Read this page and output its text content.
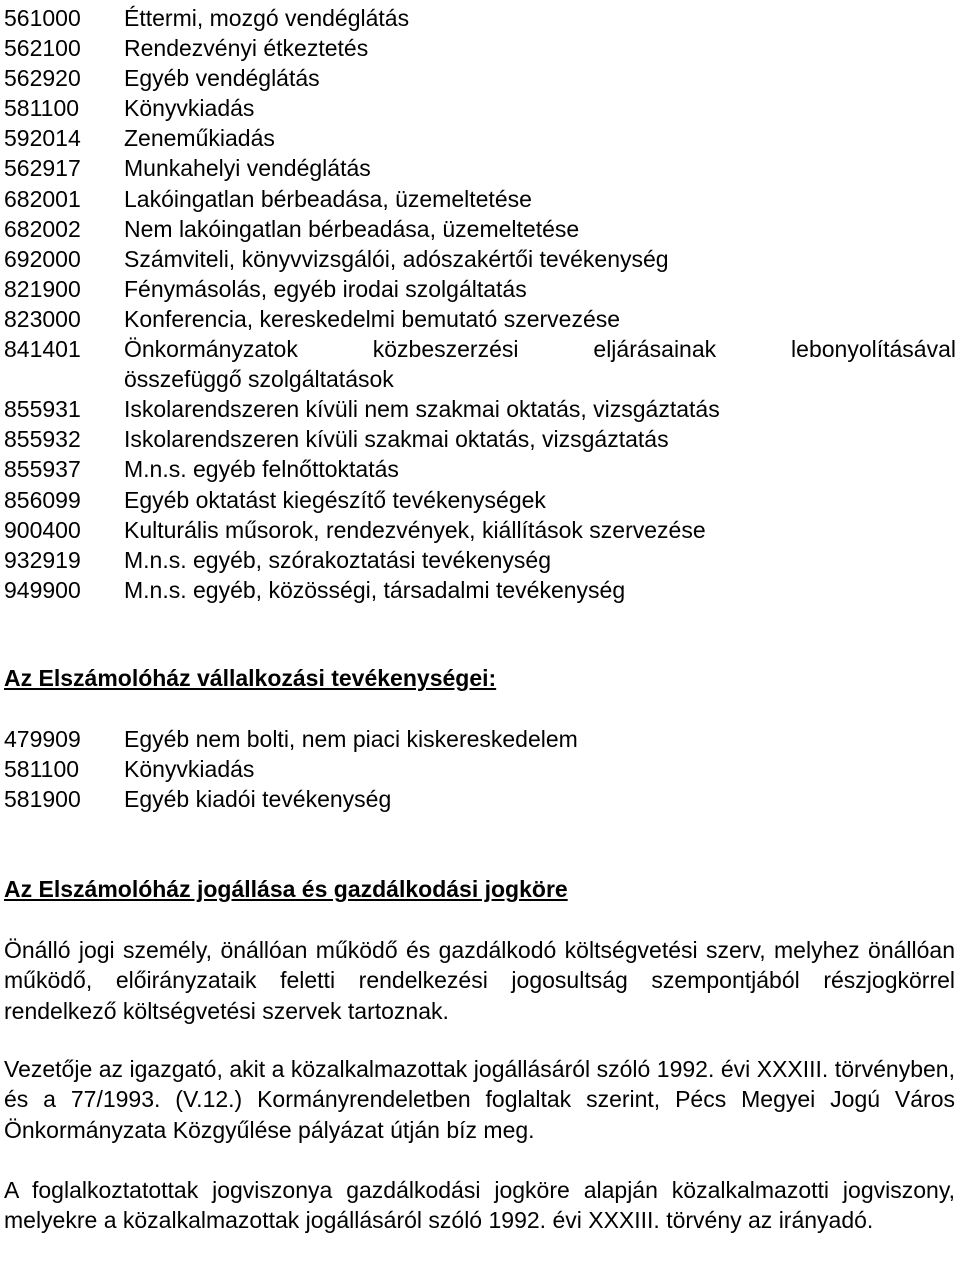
561000	Éttermi, mozgó vendéglátás
562100	Rendezvényi étkeztetés
562920	Egyéb vendéglátás
581100	Könyvkiadás
592014	Zeneműkiadás
562917	Munkahelyi vendéglátás
682001	Lakóingatlan bérbeadása, üzemeltetése
682002	Nem lakóingatlan bérbeadása, üzemeltetése
692000	Számviteli, könyvvizsgálói, adószakértői tevékenység
821900	Fénymásolás, egyéb irodai szolgáltatás
823000	Konferencia, kereskedelmi bemutató szervezése
841401	Önkormányzatok közbeszerzési eljárásainak lebonyolításával
összefüggő szolgáltatások
855931	Iskolarendszeren kívüli nem szakmai oktatás, vizsgáztatás
855932	Iskolarendszeren kívüli szakmai oktatás, vizsgáztatás
855937	M.n.s. egyéb felnőttoktatás
856099	Egyéb oktatást kiegészítő tevékenységek
900400	Kulturális műsorok, rendezvények, kiállítások szervezése
932919	M.n.s. egyéb, szórakoztatási tevékenység
949900	M.n.s. egyéb, közösségi, társadalmi tevékenység
Az Elszámolóház vállalkozási tevékenységei:
479909	Egyéb nem bolti, nem piaci kiskereskedelem
581100	Könyvkiadás
581900	Egyéb kiadói tevékenység
Az Elszámolóház jogállása és gazdálkodási jogköre
Önálló jogi személy, önállóan működő és gazdálkodó költségvetési szerv, melyhez önállóan működő, előirányzataik feletti rendelkezési jogosultság szempontjából részjogkörrel rendelkező költségvetési szervek tartoznak.
Vezetője az igazgató, akit a közalkalmazottak jogállásáról szóló 1992. évi XXXIII. törvényben, és a 77/1993. (V.12.) Kormányrendeletben foglaltak szerint, Pécs Megyei Jogú Város Önkormányzata Közgyűlése pályázat útján bíz meg.
A foglalkoztatottak jogviszonya gazdálkodási jogköre alapján közalkalmazotti jogviszony, melyekre a közalkalmazottak jogállásáról szóló 1992. évi XXXIII. törvény az irányadó.
